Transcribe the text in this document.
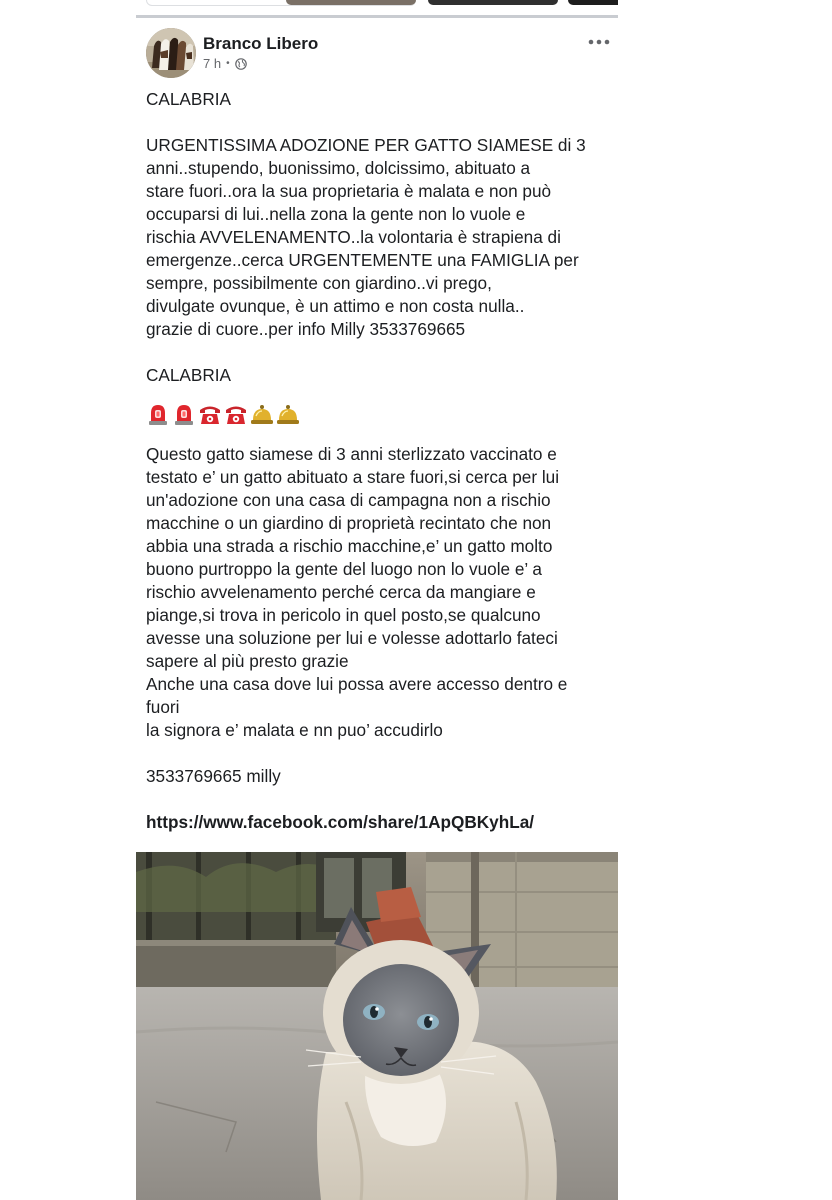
Branco Libero
7 h •

CALABRIA

URGENTISSIMA ADOZIONE PER GATTO SIAMESE di 3
anni..stupendo, buonissimo, dolcissimo, abituato a
stare fuori..ora la sua proprietaria è malata e non può
occuparsi di lui..nella zona la gente non lo vuole e
rischia AVVELENAMENTO..la volontaria è strapiena di
emergenze..cerca URGENTEMENTE una FAMIGLIA per
sempre, possibilmente con giardino..vi prego,
divulgate ovunque, è un attimo e non costa nulla..
grazie di cuore..per info Milly 3533769665

CALABRIA

Questo gatto siamese di 3 anni sterlizzato vaccinato e
testato e’ un gatto abituato a stare fuori,si cerca per lui
un'adozione con una casa di campagna non a rischio
macchine o un giardino di proprietà recintato che non
abbia una strada a rischio macchine,e’ un gatto molto
buono purtroppo la gente del luogo non lo vuole e’ a
rischio avvelenamento perché cerca da mangiare e
piange,si trova in pericolo in quel posto,se qualcuno
avesse una soluzione per lui e volesse adottarlo fateci
sapere al più presto grazie
Anche una casa dove lui possa avere accesso dentro e
fuori
la signora e’ malata e nn puo’ accudirlo

3533769665 milly

https://www.facebook.com/share/1ApQBKyhLa/
